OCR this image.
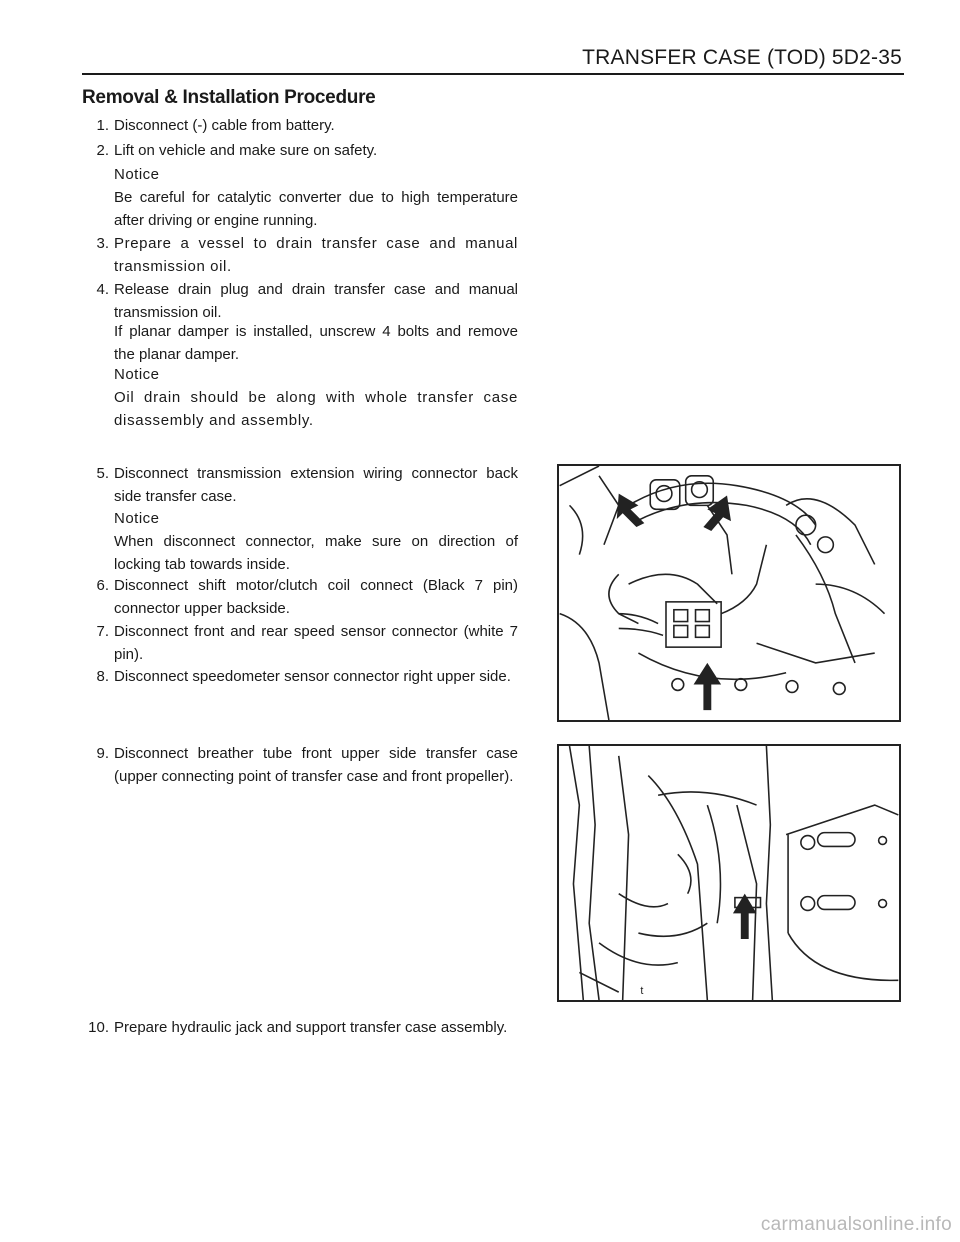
TRANSFER CASE (TOD) 5D2-35
Removal & Installation Procedure
1. Disconnect (-) cable from battery.
2. Lift on vehicle and make sure on safety.
Notice
Be careful for catalytic converter due to high temperature after driving or engine running.
3. Prepare a vessel to drain transfer case and manual transmission oil.
4. Release drain plug and drain transfer case and manual transmission oil.
If planar damper is installed, unscrew 4 bolts and remove the planar damper.
Notice
Oil drain should be along with whole transfer case disassembly and assembly.
5. Disconnect transmission extension wiring connector back side transfer case.
Notice
When disconnect connector, make sure on direction of locking tab towards inside.
6. Disconnect shift motor/clutch coil connect (Black 7 pin) connector upper backside.
7. Disconnect front and rear speed sensor connector (white 7 pin).
8. Disconnect speedometer sensor connector right upper side.
9. Disconnect breather tube front upper side transfer case (upper connecting point of transfer case and front propeller).
10. Prepare hydraulic jack and support transfer case assembly.
t
carmanualsonline.info
